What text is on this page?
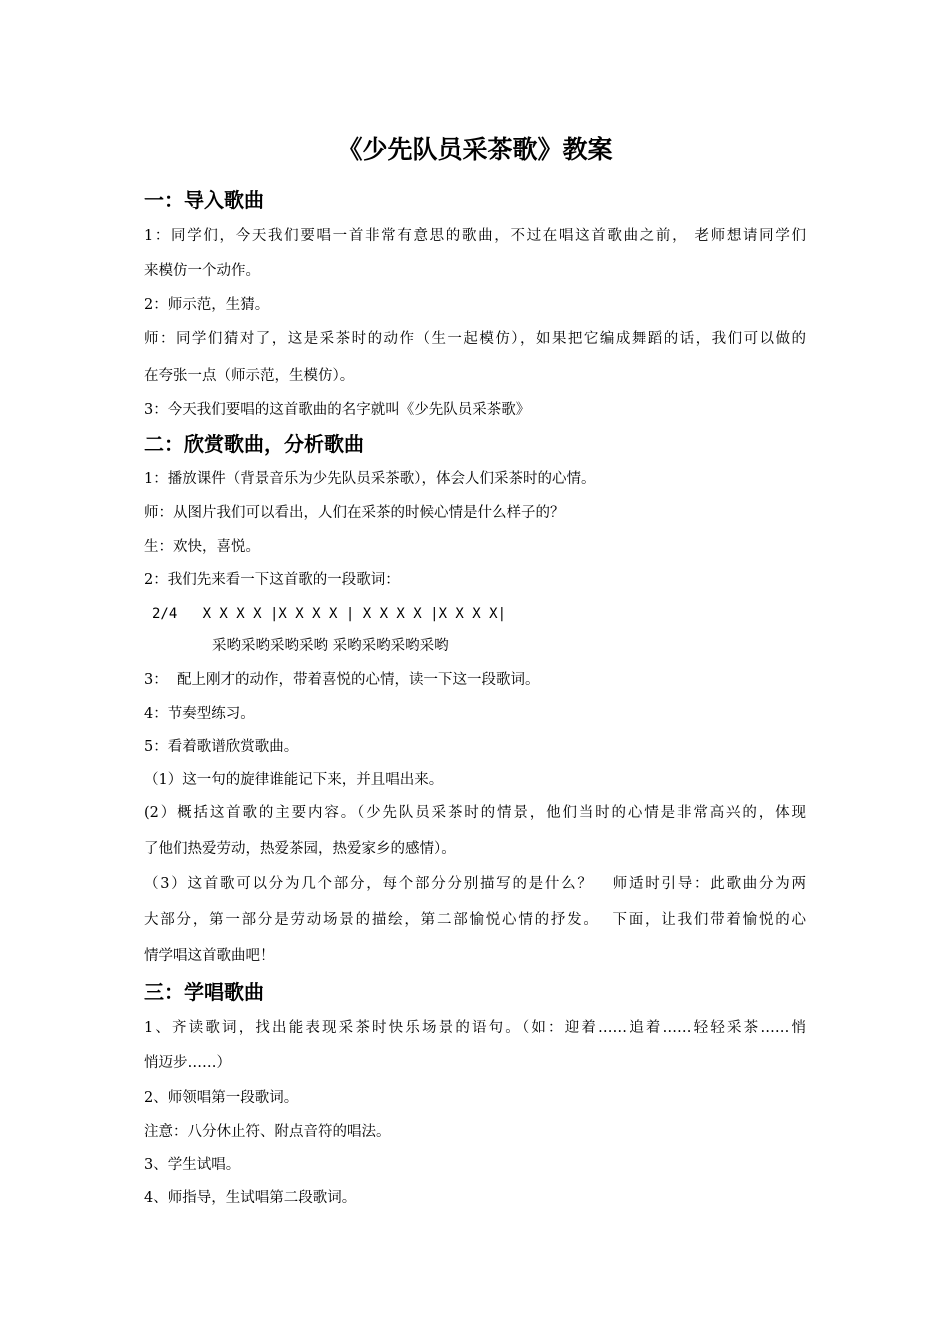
《少先队员采茶歌》教案
一：导入歌曲
1：同学们，今天我们要唱一首非常有意思的歌曲，不过在唱这首歌曲之前， 老师想请同学们
来模仿一个动作。
2：师示范，生猜。
师：同学们猜对了，这是采茶时的动作（生一起模仿），如果把它编成舞蹈的话，我们可以做的
在夸张一点（师示范，生模仿）。
3：今天我们要唱的这首歌曲的名字就叫《少先队员采茶歌》
二：欣赏歌曲，分析歌曲
1：播放课件（背景音乐为少先队员采茶歌），体会人们采茶时的心情。
师：从图片我们可以看出，人们在采茶的时候心情是什么样子的？
生：欢快，喜悦。
2：我们先来看一下这首歌的一段歌词：
2/4   X X X X |X X X X | X X X X |X X X X|
采哟采哟采哟采哟 采哟采哟采哟采哟
3：  配上刚才的动作，带着喜悦的心情，读一下这一段歌词。
4：节奏型练习。
5：看着歌谱欣赏歌曲。
（1）这一句的旋律谁能记下来，并且唱出来。
(2）概括这首歌的主要内容。（少先队员采茶时的情景，他们当时的心情是非常高兴的，体现
了他们热爱劳动，热爱茶园，热爱家乡的感情）。
（3）这首歌可以分为几个部分，每个部分分别描写的是什么？   师适时引导：此歌曲分为两
大部分，第一部分是劳动场景的描绘，第二部愉悦心情的抒发。  下面，让我们带着愉悦的心
情学唱这首歌曲吧！
三：学唱歌曲
1、齐读歌词，找出能表现采茶时快乐场景的语句。（如：迎着……追着……轻轻采茶……悄
悄迈步……）
2、师领唱第一段歌词。
注意：八分休止符、附点音符的唱法。
3、学生试唱。
4、师指导，生试唱第二段歌词。
